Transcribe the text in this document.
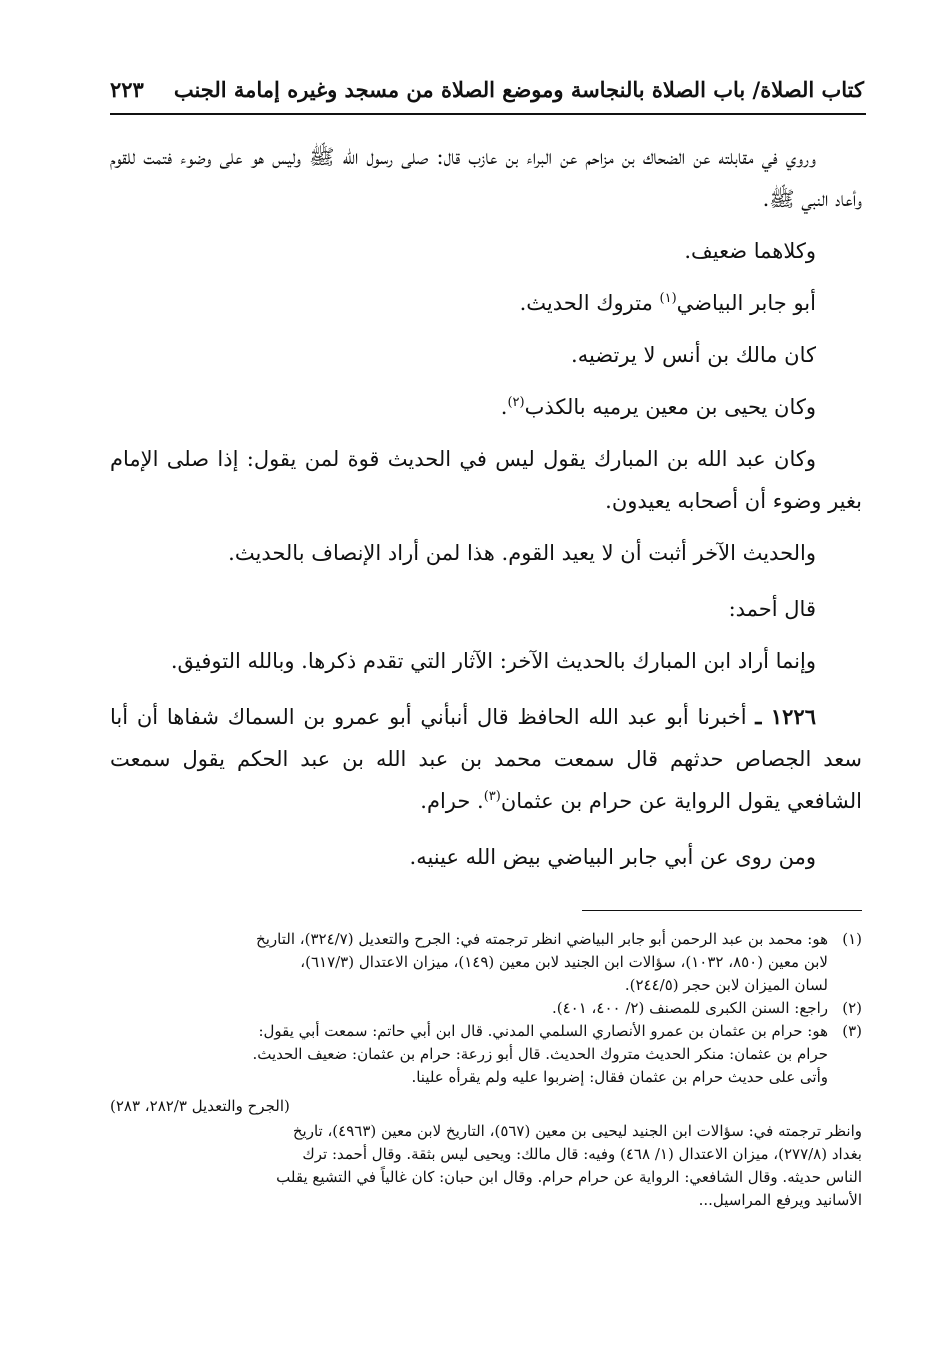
كتاب الصلاة/ باب الصلاة بالنجاسة وموضع الصلاة من مسجد وغيره إمامة الجنب
٢٢٣

وروي في مقابلته عن الضحاك بن مزاحم عن البراء بن عازب قال: صلى رسول الله ﷺ وليس هو على وضوء فتمت للقوم وأعاد النبي ﷺ.

وكلاهما ضعيف.

أبو جابر البياضي$^{(١)}$ متروك الحديث.

كان مالك بن أنس لا يرتضيه.

وكان يحيى بن معين يرميه بالكذب$^{(٢)}$.

وكان عبد الله بن المبارك يقول ليس في الحديث قوة لمن يقول: إذا صلى الإمام بغير وضوء أن أصحابه يعيدون.

والحديث الآخر أثبت أن لا يعيد القوم. هذا لمن أراد الإنصاف بالحديث.

قال أحمد:

وإنما أراد ابن المبارك بالحديث الآخر: الآثار التي تقدم ذكرها. وبالله التوفيق.

١٢٢٦ ـ أخبرنا أبو عبد الله الحافظ قال أنبأني أبو عمرو بن السماك شفاها أن أبا سعد الجصاص حدثهم قال سمعت محمد بن عبد الله بن عبد الحكم يقول سمعت الشافعي يقول الرواية عن حرام بن عثمان$^{(٣)}$. حرام.

ومن روى عن أبي جابر البياضي بيض الله عينيه.

(١)

هو: محمد بن عبد الرحمن أبو جابر البياضي انظر ترجمته في: الجرح والتعديل (٣٢٤/٧)، التاريخ

لابن معين (٨٥٠، ١٠٣٢)، سؤالات ابن الجنيد لابن معين (١٤٩)، ميزان الاعتدال (٦١٧/٣)،

لسان الميزان لابن حجر (٢٤٤/٥).

(٢)

راجع: السنن الكبرى للمصنف (٢/ ٤٠٠، ٤٠١).

(٣)

هو: حرام بن عثمان بن عمرو الأنصاري السلمي المدني. قال ابن أبي حاتم: سمعت أبي يقول:

حرام بن عثمان: منكر الحديث متروك الحديث. قال أبو زرعة: حرام بن عثمان: ضعيف الحديث.

وأتى على حديث حرام بن عثمان فقال: إضربوا عليه ولم يقرأه علينا.

(الجرح والتعديل ٢٨٢/٣، ٢٨٣)

وانظر ترجمته في: سؤالات ابن الجنيد ليحيى بن معين (٥٦٧)، التاريخ لابن معين (٤٩٦٣)، تاريخ

بغداد (٢٧٧/٨)، ميزان الاعتدال (١/ ٤٦٨) وفيه: قال مالك: ويحيى ليس بثقة. وقال أحمد: ترك

الناس حديثه. وقال الشافعي: الرواية عن حرام حرام. وقال ابن حبان: كان غالياً في التشيع يقلب

الأسانيد ويرفع المراسيل...
